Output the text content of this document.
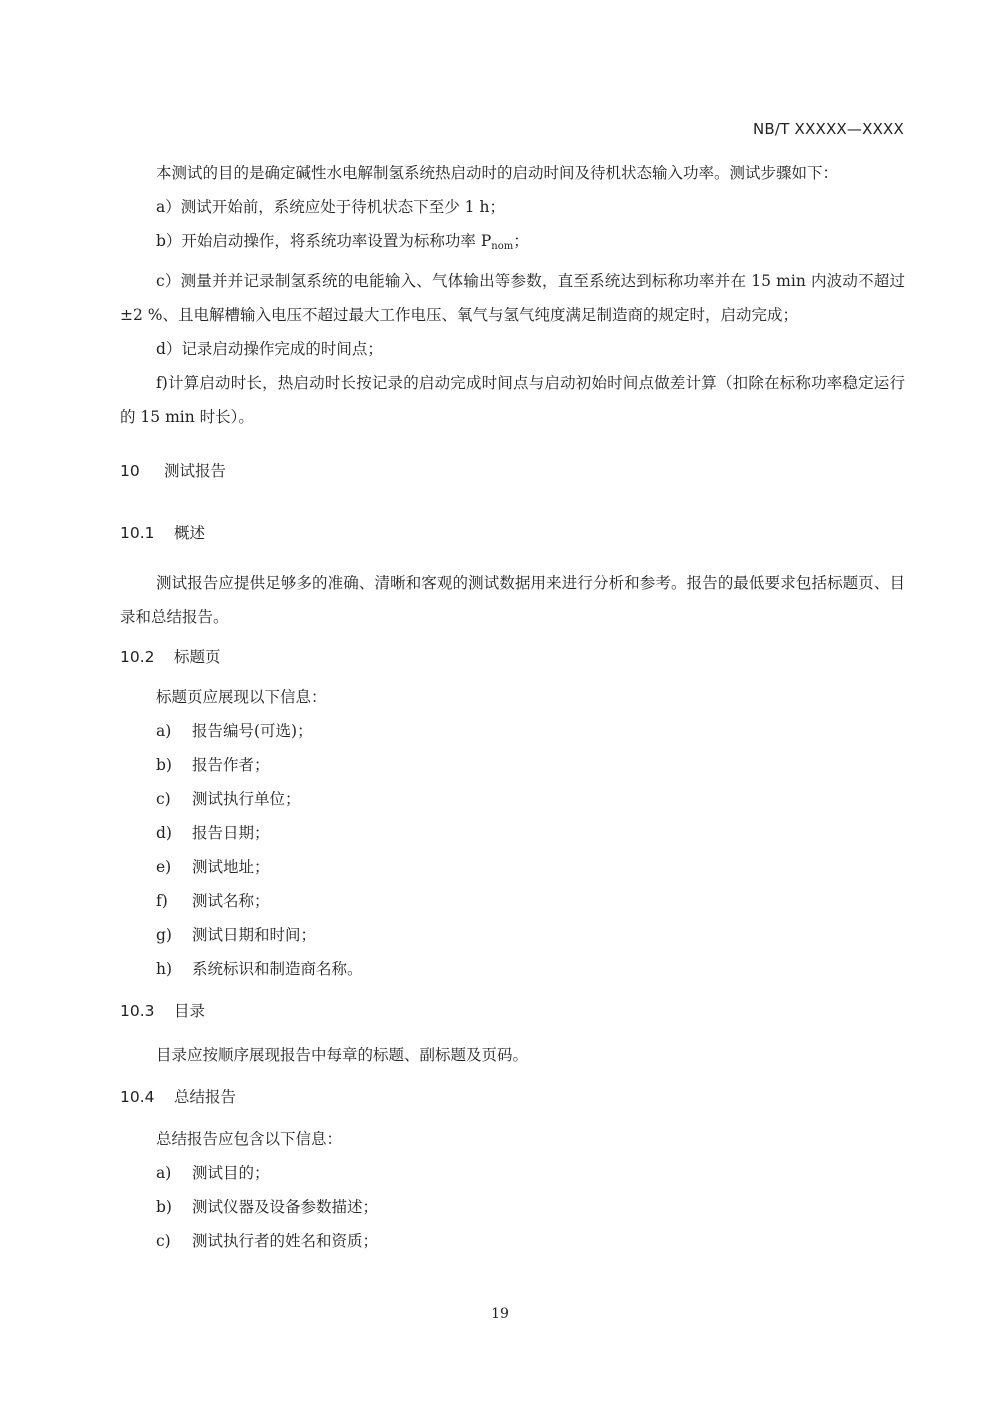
NB/T XXXXX—XXXX

本测试的目的是确定碱性水电解制氢系统热启动时的启动时间及待机状态输入功率。测试步骤如下：

a）测试开始前，系统应处于待机状态下至少 1 h；

b）开始启动操作，将系统功率设置为标称功率 $P_{nom}$；

c）测量并并记录制氢系统的电能输入、气体输出等参数，直至系统达到标称功率并在 15 min 内波动不超过±2 %、且电解槽输入电压不超过最大工作电压、氧气与氢气纯度满足制造商的规定时，启动完成；

d）记录启动操作完成的时间点；

f)计算启动时长，热启动时长按记录的启动完成时间点与启动初始时间点做差计算（扣除在标称功率稳定运行的 15 min 时长）。

10 测试报告

10.1 概述

测试报告应提供足够多的准确、清晰和客观的测试数据用来进行分析和参考。报告的最低要求包括标题页、目录和总结报告。

10.2 标题页

标题页应展现以下信息：

a)	报告编号(可选)；

b)	报告作者；

c)	测试执行单位；

d)	报告日期；

e)	测试地址；

f)	测试名称；

g)	测试日期和时间；

h)	系统标识和制造商名称。

10.3 目录

目录应按顺序展现报告中每章的标题、副标题及页码。

10.4 总结报告

总结报告应包含以下信息：

a)	测试目的；

b)	测试仪器及设备参数描述；

c)	测试执行者的姓名和资质；

19
